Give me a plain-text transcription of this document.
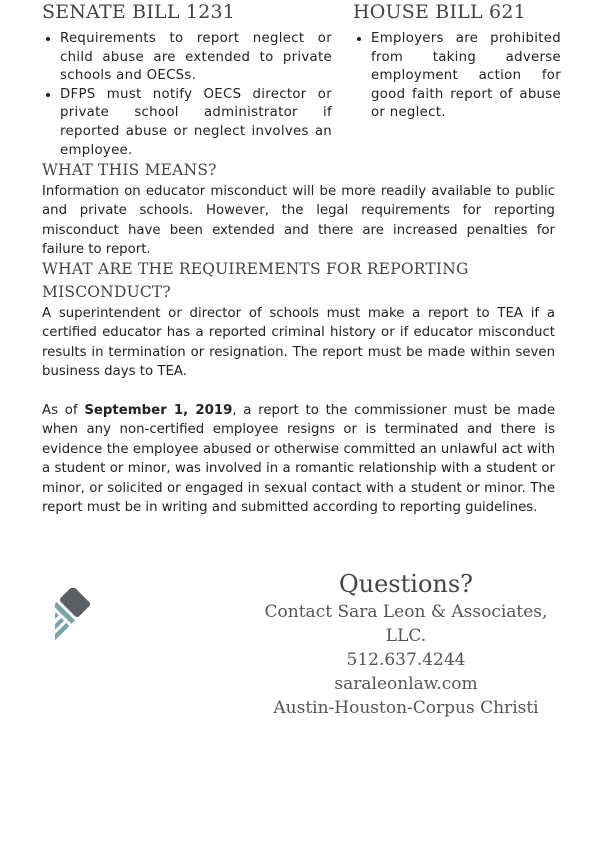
SENATE BILL 1231
• Requirements to report neglect or child abuse are extended to private schools and OECSs.
• DFPS must notify OECS director or private school administrator if reported abuse or neglect involves an employee.
HOUSE BILL 621
• Employers are prohibited from taking adverse employment action for good faith report of abuse or neglect.
WHAT THIS MEANS?

Information on educator misconduct will be more readily available to public and private schools. However, the legal requirements for reporting misconduct have been extended and there are increased penalties for failure to report.

WHAT ARE THE REQUIREMENTS FOR REPORTING MISCONDUCT?

A superintendent or director of schools must make a report to TEA if a certified educator has a reported criminal history or if educator misconduct results in termination or resignation. The report must be made within seven business days to TEA.

As of September 1, 2019, a report to the commissioner must be made when any non-certified employee resigns or is terminated and there is evidence the employee abused or otherwise committed an unlawful act with a student or minor, was involved in a romantic relationship with a student or minor, or solicited or engaged in sexual contact with a student or minor. The report must be in writing and submitted according to reporting guidelines.

Questions?
Contact Sara Leon & Associates,
LLC.
512.637.4244
saraleonlaw.com
Austin-Houston-Corpus Christi
